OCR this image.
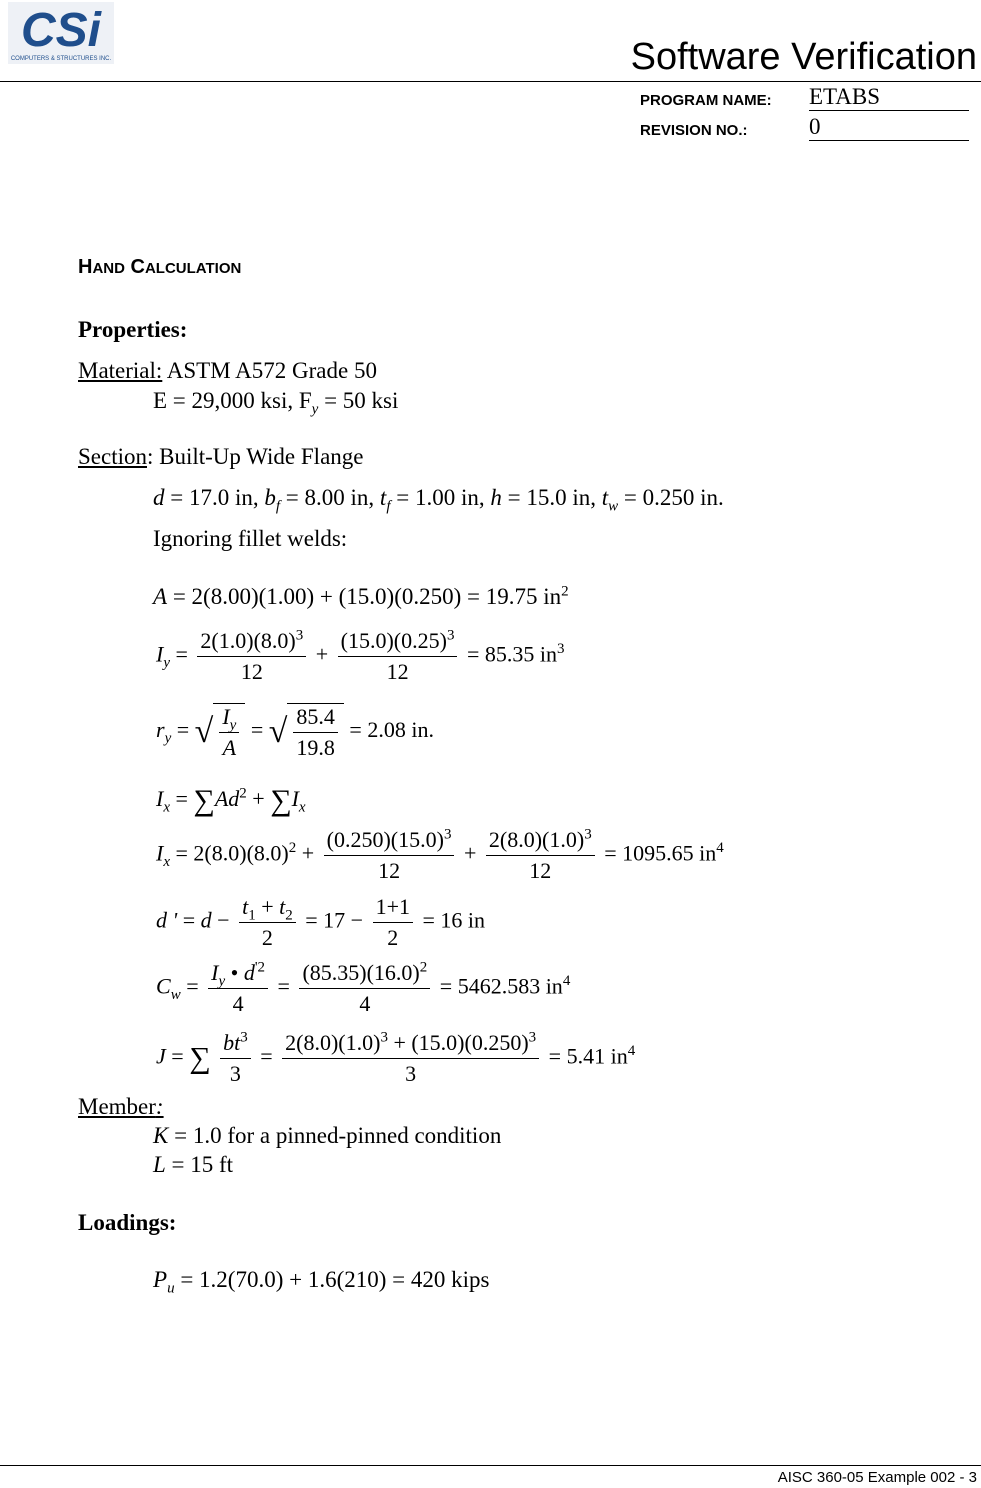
CSi
COMPUTERS & STRUCTURES INC.	Software Verification
PROGRAM NAME: ETABS
REVISION NO.:	0
HAND CALCULATION
Properties:
Material: ASTM A572 Grade 50
E = 29,000 ksi, $F_y = 50$ ksi
Section: Built-Up Wide Flange
d = 17.0 in, $b_f = 8.00$ in, $t_f = 1.00$ in, h = 15.0 in, $t_w = 0.250$ in.
Ignoring fillet welds:
A = 2(8.00)(1.00) + (15.0)(0.250) = 19.75 $in^2$
$I_y = \frac{2(1.0)(8.0)^3}{12} + \frac{(15.0)(0.25)^3}{12} = 85.35$ $in^3$
$r_y$ = √ $\frac{I_y}{A}$ = √ $\frac{85.4}{19.8} = 2.08$ in.
$I_x = \sum Ad^2 + \sum I_x$
$I_x = 2(8.0)(8.0)^2 + \frac{(0.250)(15.0)^3}{12} + \frac{2(8.0)(1.0)^3}{12} = 1095.65$ $in^4$
d ' = $d - \frac{t_1 + t_2}{2} = 17 - \frac{1+1}{2} = 16$ in
$C_w = \frac{I_y • d^{'2}}{4} = \frac{(85.35)(16.0)^2}{4} = 5462.583$ $in^4$
J = ∑ $\frac{bt^3}{3} = \frac{2(8.0)(1.0)^3 + (15.0)(0.250)^3}{3} = 5.41$ $in^4$
Member:
K = 1.0 for a pinned-pinned condition
L = 15 ft
Loadings:
$P_u = 1.2(70.0) + 1.6(210) = 420$ kips
AISC 360-05 Example 002 - 3
